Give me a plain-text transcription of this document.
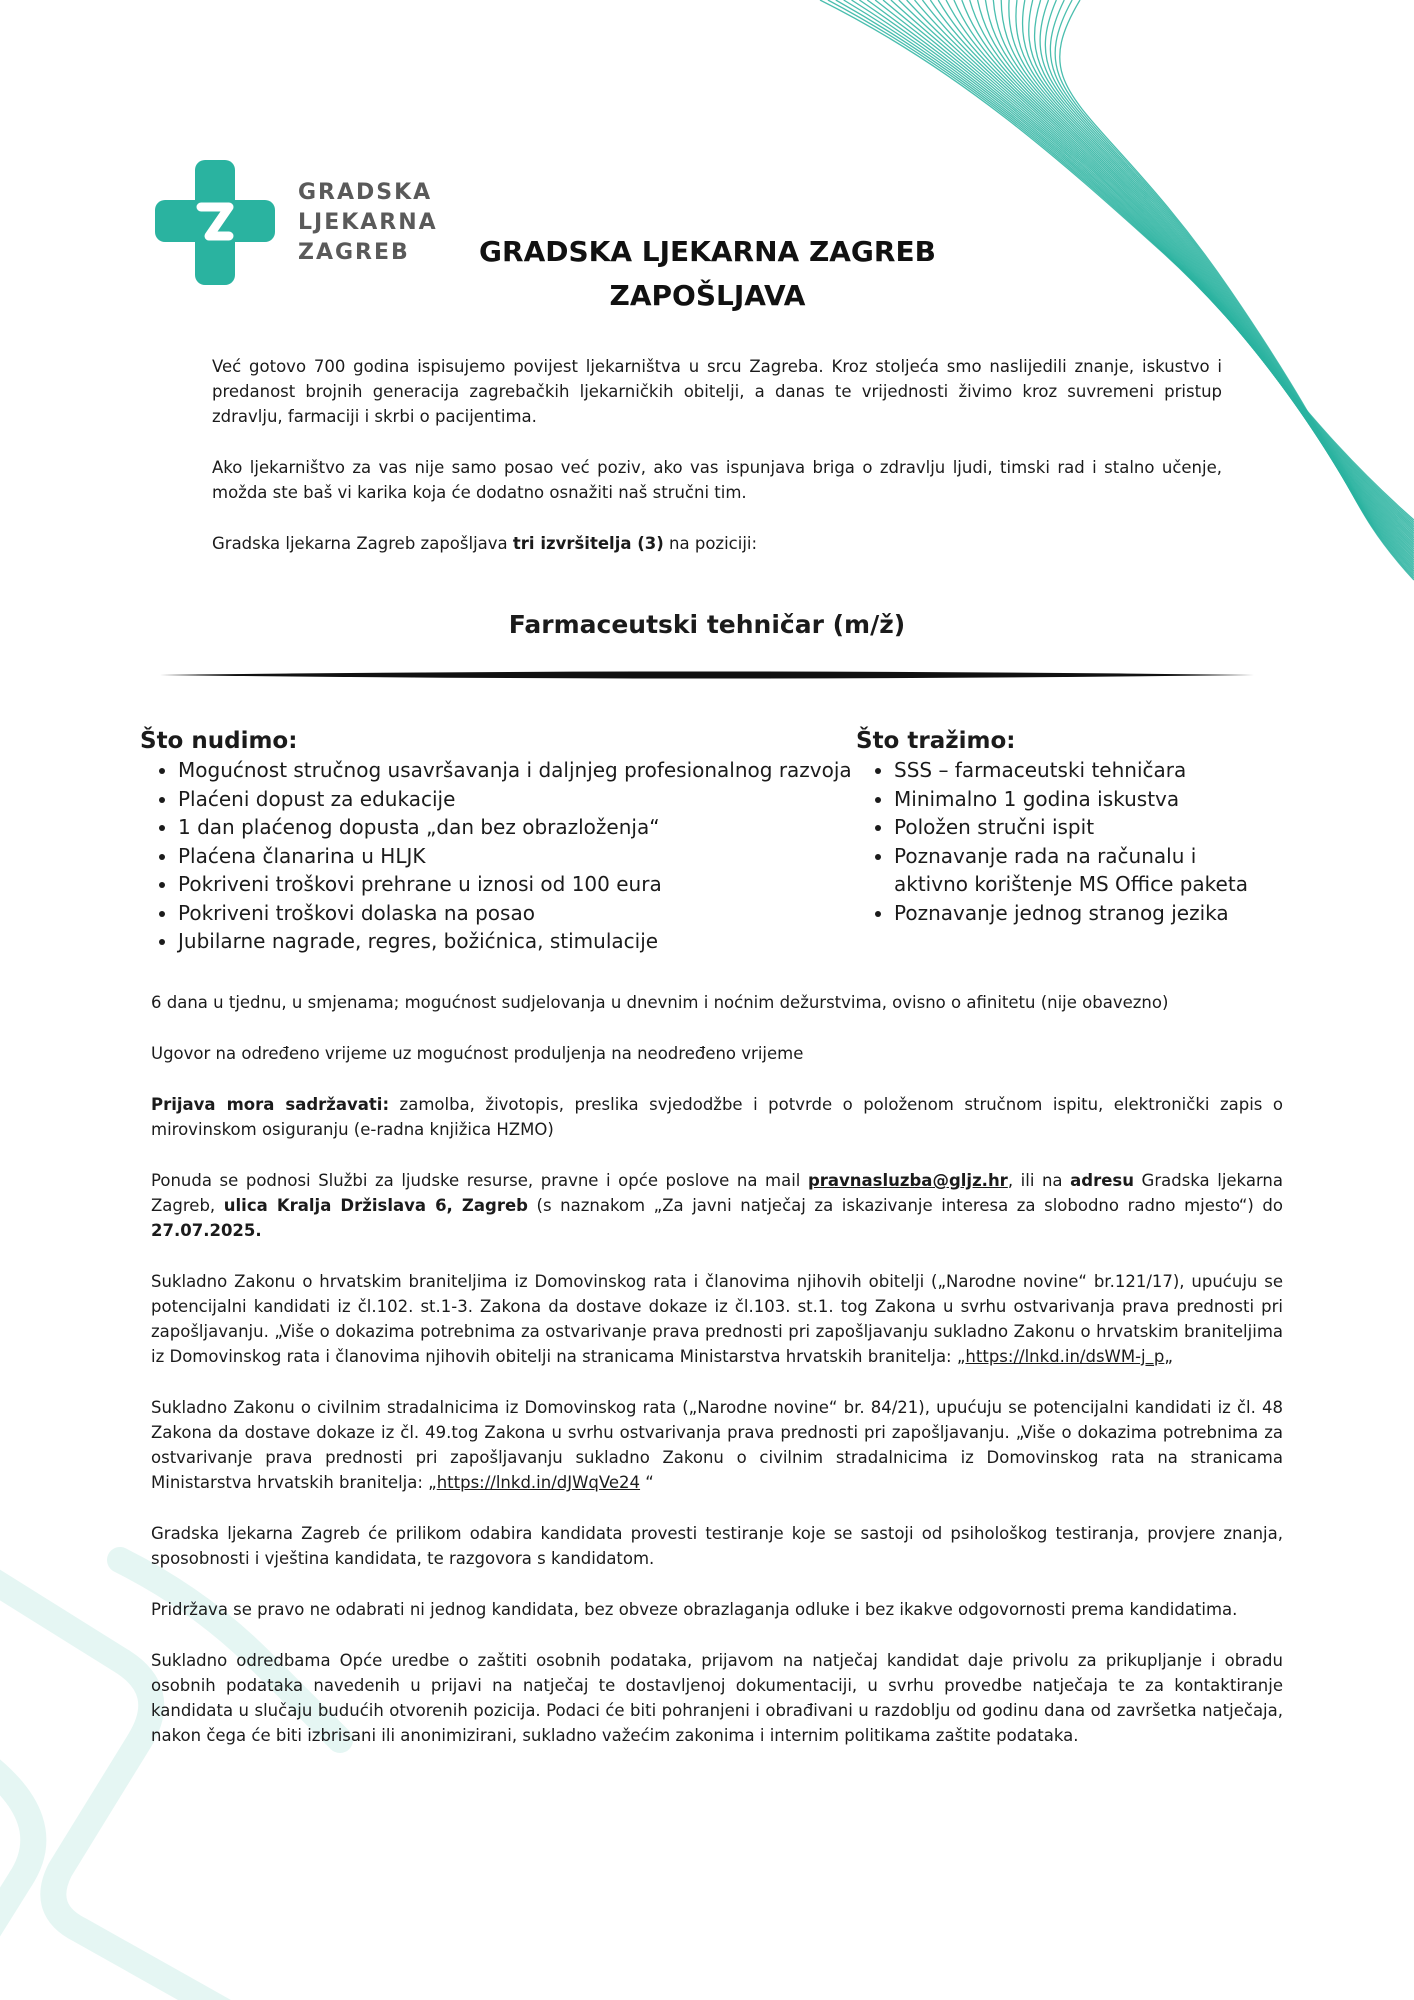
GRADSKA
LJEKARNA
ZAGREB	GRADSKA LJEKARNA ZAGREB
ZAPOŠLJAVA

Već gotovo 700 godina ispisujemo povijest ljekarništva u srcu Zagreba. Kroz stoljeća smo naslijedili znanje, iskustvo i predanost brojnih generacija zagrebačkih ljekarničkih obitelji, a danas te vrijednosti živimo kroz suvremeni pristup zdravlju, farmaciji i skrbi o pacijentima.

Ako ljekarništvo za vas nije samo posao već poziv, ako vas ispunjava briga o zdravlju ljudi, timski rad i stalno učenje, možda ste baš vi karika koja će dodatno osnažiti naš stručni tim.

Gradska ljekarna Zagreb zapošljava tri izvršitelja (3) na poziciji:

Farmaceutski tehničar (m/ž)
Što nudimo:
• Mogućnost stručnog usavršavanja i daljnjeg profesionalnog razvoja
• Plaćeni dopust za edukacije
• 1 dan plaćenog dopusta „dan bez obrazloženja“
• Plaćena članarina u HLJK
• Pokriveni troškovi prehrane u iznosi od 100 eura
• Pokriveni troškovi dolaska na posao
• Jubilarne nagrade, regres, božićnica, stimulacije
Što tražimo:
• SSS – farmaceutski tehničara
• Minimalno 1 godina iskustva
• Položen stručni ispit
• Poznavanje rada na računalu i aktivno korištenje MS Office paketa
• Poznavanje jednog stranog jezika

6 dana u tjednu, u smjenama; mogućnost sudjelovanja u dnevnim i noćnim dežurstvima, ovisno o afinitetu (nije obavezno)

Ugovor na određeno vrijeme uz mogućnost produljenja na neodređeno vrijeme

Prijava mora sadržavati: zamolba, životopis, preslika svjedodžbe i potvrde o položenom stručnom ispitu, elektronički zapis o mirovinskom osiguranju (e-radna knjižica HZMO)

Ponuda se podnosi Službi za ljudske resurse, pravne i opće poslove na mail pravnasluzba@gljz.hr, ili na adresu Gradska ljekarna Zagreb, ulica Kralja Držislava 6, Zagreb (s naznakom „Za javni natječaj za iskazivanje interesa za slobodno radno mjesto“) do 27.07.2025.

Sukladno Zakonu o hrvatskim braniteljima iz Domovinskog rata i članovima njihovih obitelji („Narodne novine“ br.121/17), upućuju se potencijalni kandidati iz čl.102. st.1-3. Zakona da dostave dokaze iz čl.103. st.1. tog Zakona u svrhu ostvarivanja prava prednosti pri zapošljavanju. „Više o dokazima potrebnima za ostvarivanje prava prednosti pri zapošljavanju sukladno Zakonu o hrvatskim braniteljima iz Domovinskog rata i članovima njihovih obitelji na stranicama Ministarstva hrvatskih branitelja: „https://lnkd.in/dsWM-j_p„

Sukladno Zakonu o civilnim stradalnicima iz Domovinskog rata („Narodne novine“ br. 84/21), upućuju se potencijalni kandidati iz čl. 48 Zakona da dostave dokaze iz čl. 49.tog Zakona u svrhu ostvarivanja prava prednosti pri zapošljavanju. „Više o dokazima potrebnima za ostvarivanje prava prednosti pri zapošljavanju sukladno Zakonu o civilnim stradalnicima iz Domovinskog rata na stranicama Ministarstva hrvatskih branitelja: „https://lnkd.in/dJWqVe24 “

Gradska ljekarna Zagreb će prilikom odabira kandidata provesti testiranje koje se sastoji od psihološkog testiranja, provjere znanja, sposobnosti i vještina kandidata, te razgovora s kandidatom.

Pridržava se pravo ne odabrati ni jednog kandidata, bez obveze obrazlaganja odluke i bez ikakve odgovornosti prema kandidatima.

Sukladno odredbama Opće uredbe o zaštiti osobnih podataka, prijavom na natječaj kandidat daje privolu za prikupljanje i obradu osobnih podataka navedenih u prijavi na natječaj te dostavljenoj dokumentaciji, u svrhu provedbe natječaja te za kontaktiranje kandidata u slučaju budućih otvorenih pozicija. Podaci će biti pohranjeni i obrađivani u razdoblju od godinu dana od završetka natječaja, nakon čega će biti izbrisani ili anonimizirani, sukladno važećim zakonima i internim politikama zaštite podataka.
